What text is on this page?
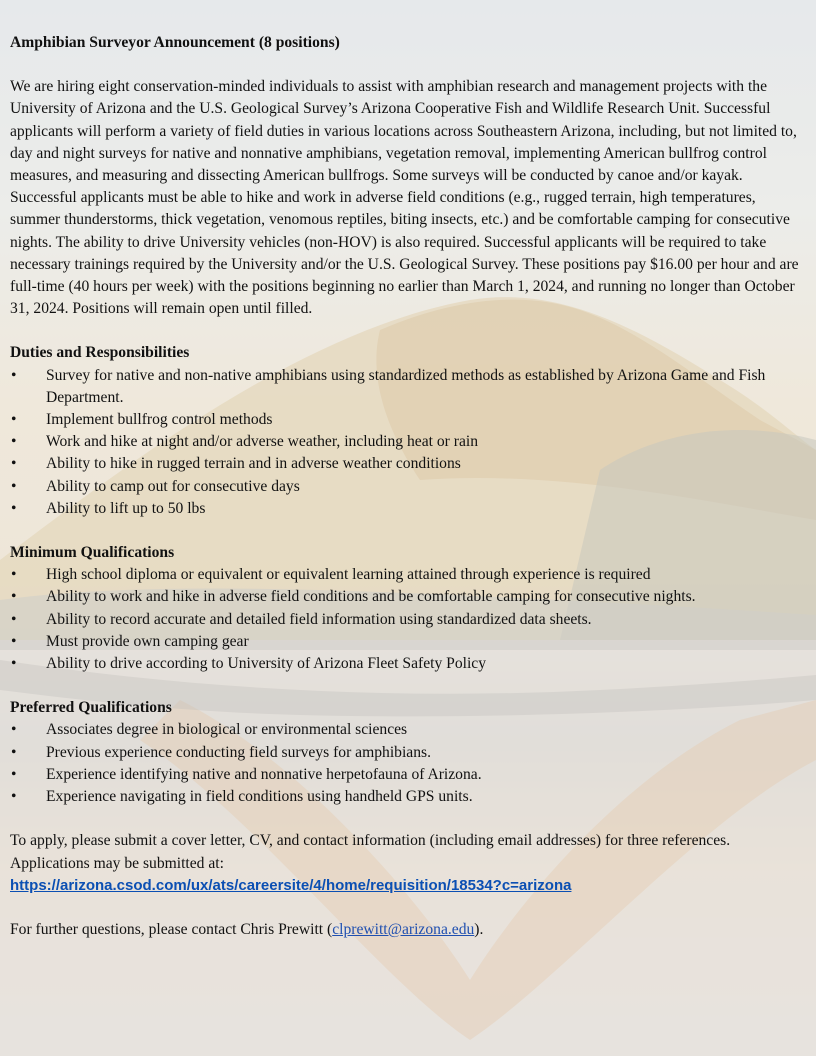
Amphibian Surveyor Announcement (8 positions)

We are hiring eight conservation-minded individuals to assist with amphibian research and management projects with the University of Arizona and the U.S. Geological Survey’s Arizona Cooperative Fish and Wildlife Research Unit. Successful applicants will perform a variety of field duties in various locations across Southeastern Arizona, including, but not limited to, day and night surveys for native and nonnative amphibians, vegetation removal, implementing American bullfrog control measures, and measuring and dissecting American bullfrogs. Some surveys will be conducted by canoe and/or kayak. Successful applicants must be able to hike and work in adverse field conditions (e.g., rugged terrain, high temperatures, summer thunderstorms, thick vegetation, venomous reptiles, biting insects, etc.) and be comfortable camping for consecutive nights. The ability to drive University vehicles (non-HOV) is also required. Successful applicants will be required to take necessary trainings required by the University and/or the U.S. Geological Survey. These positions pay $16.00 per hour and are full-time (40 hours per week) with the positions beginning no earlier than March 1, 2024, and running no longer than October 31, 2024. Positions will remain open until filled.

Duties and Responsibilities

• Survey for native and non-native amphibians using standardized methods as established by Arizona Game and Fish Department.
• Implement bullfrog control methods
• Work and hike at night and/or adverse weather, including heat or rain
• Ability to hike in rugged terrain and in adverse weather conditions
• Ability to camp out for consecutive days
• Ability to lift up to 50 lbs

Minimum Qualifications

• High school diploma or equivalent or equivalent learning attained through experience is required
• Ability to work and hike in adverse field conditions and be comfortable camping for consecutive nights.
• Ability to record accurate and detailed field information using standardized data sheets.
• Must provide own camping gear
• Ability to drive according to University of Arizona Fleet Safety Policy

Preferred Qualifications

• Associates degree in biological or environmental sciences
• Previous experience conducting field surveys for amphibians.
• Experience identifying native and nonnative herpetofauna of Arizona.
• Experience navigating in field conditions using handheld GPS units.

To apply, please submit a cover letter, CV, and contact information (including email addresses) for three references. Applications may be submitted at:
https://arizona.csod.com/ux/ats/careersite/4/home/requisition/18534?c=arizona

For further questions, please contact Chris Prewitt (clprewitt@arizona.edu).
